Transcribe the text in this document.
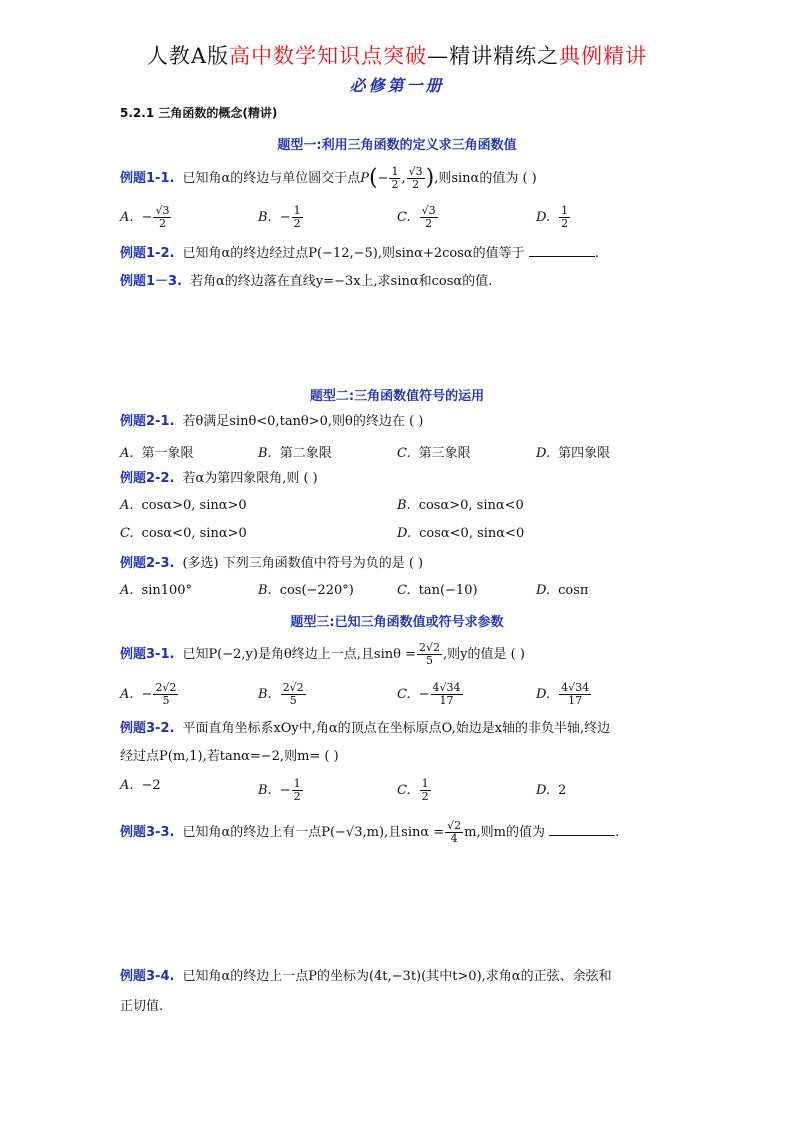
人教A版高中数学知识点突破—精讲精练之典例精讲
必修第一册
5.2.1 三角函数的概念(精讲)
题型一:利用三角函数的定义求三角函数值
例题1-1. 已知角α的终边与单位圆交于点$P(- \frac{1}{2}$ , $\frac{√3}{2}$ ),则sinα的值为 ( )
A. − $\frac{√3}{2}$	B. − $\frac{1}{2}$	C. $\frac{√3}{2}$	D. $\frac{1}{2}$
例题1-2. 已知角α的终边经过点P(−12,−5),则sinα+2cosα的值等于	.
例题1－3. 若角α的终边落在直线y=−3x上,求sinα和cosα的值.
题型二:三角函数值符号的运用
例题2-1. 若θ满足sinθ<0,tanθ>0,则θ的终边在 ( )
A. 第一象限	B. 第二象限	C. 第三象限	D. 第四象限
例题2-2. 若α为第四象限角,则 ( )
A. cosα>0, sinα>0	B. cosα>0, sinα<0
C. cosα<0, sinα>0	D. cosα<0, sinα<0
例题2-3. (多选) 下列三角函数值中符号为负的是 ( )
A. sin100°	B. cos(−220°)	C. tan(−10)	D. cosπ
题型三:已知三角函数值或符号求参数
例题3-1. 已知P(−2,y)是角θ终边上一点,且$\sin\theta = \frac{2√2}{5}$ ,则y的值是 ( )
A. − $\frac{2√2}{5}$	B. $\frac{2√2}{5}$	C. − $\frac{4√34}{17}$	D. $\frac{4√34}{17}$
例题3-2. 平面直角坐标系xOy中,角α的顶点在坐标原点O,始边是x轴的非负半轴,终边
经过点P(m,1),若tanα=−2,则m= ( )
A. −2	B. − $\frac{1}{2}$	C. $\frac{1}{2}$	D. 2
例题3-3. 已知角α的终边上有一点P(−√3,m),且$\sin\alpha = \frac{√2}{4} m$,则m的值为	.
例题3-4. 已知角α的终边上一点P的坐标为(4t,−3t)(其中t>0),求角α的正弦、余弦和
正切值.
